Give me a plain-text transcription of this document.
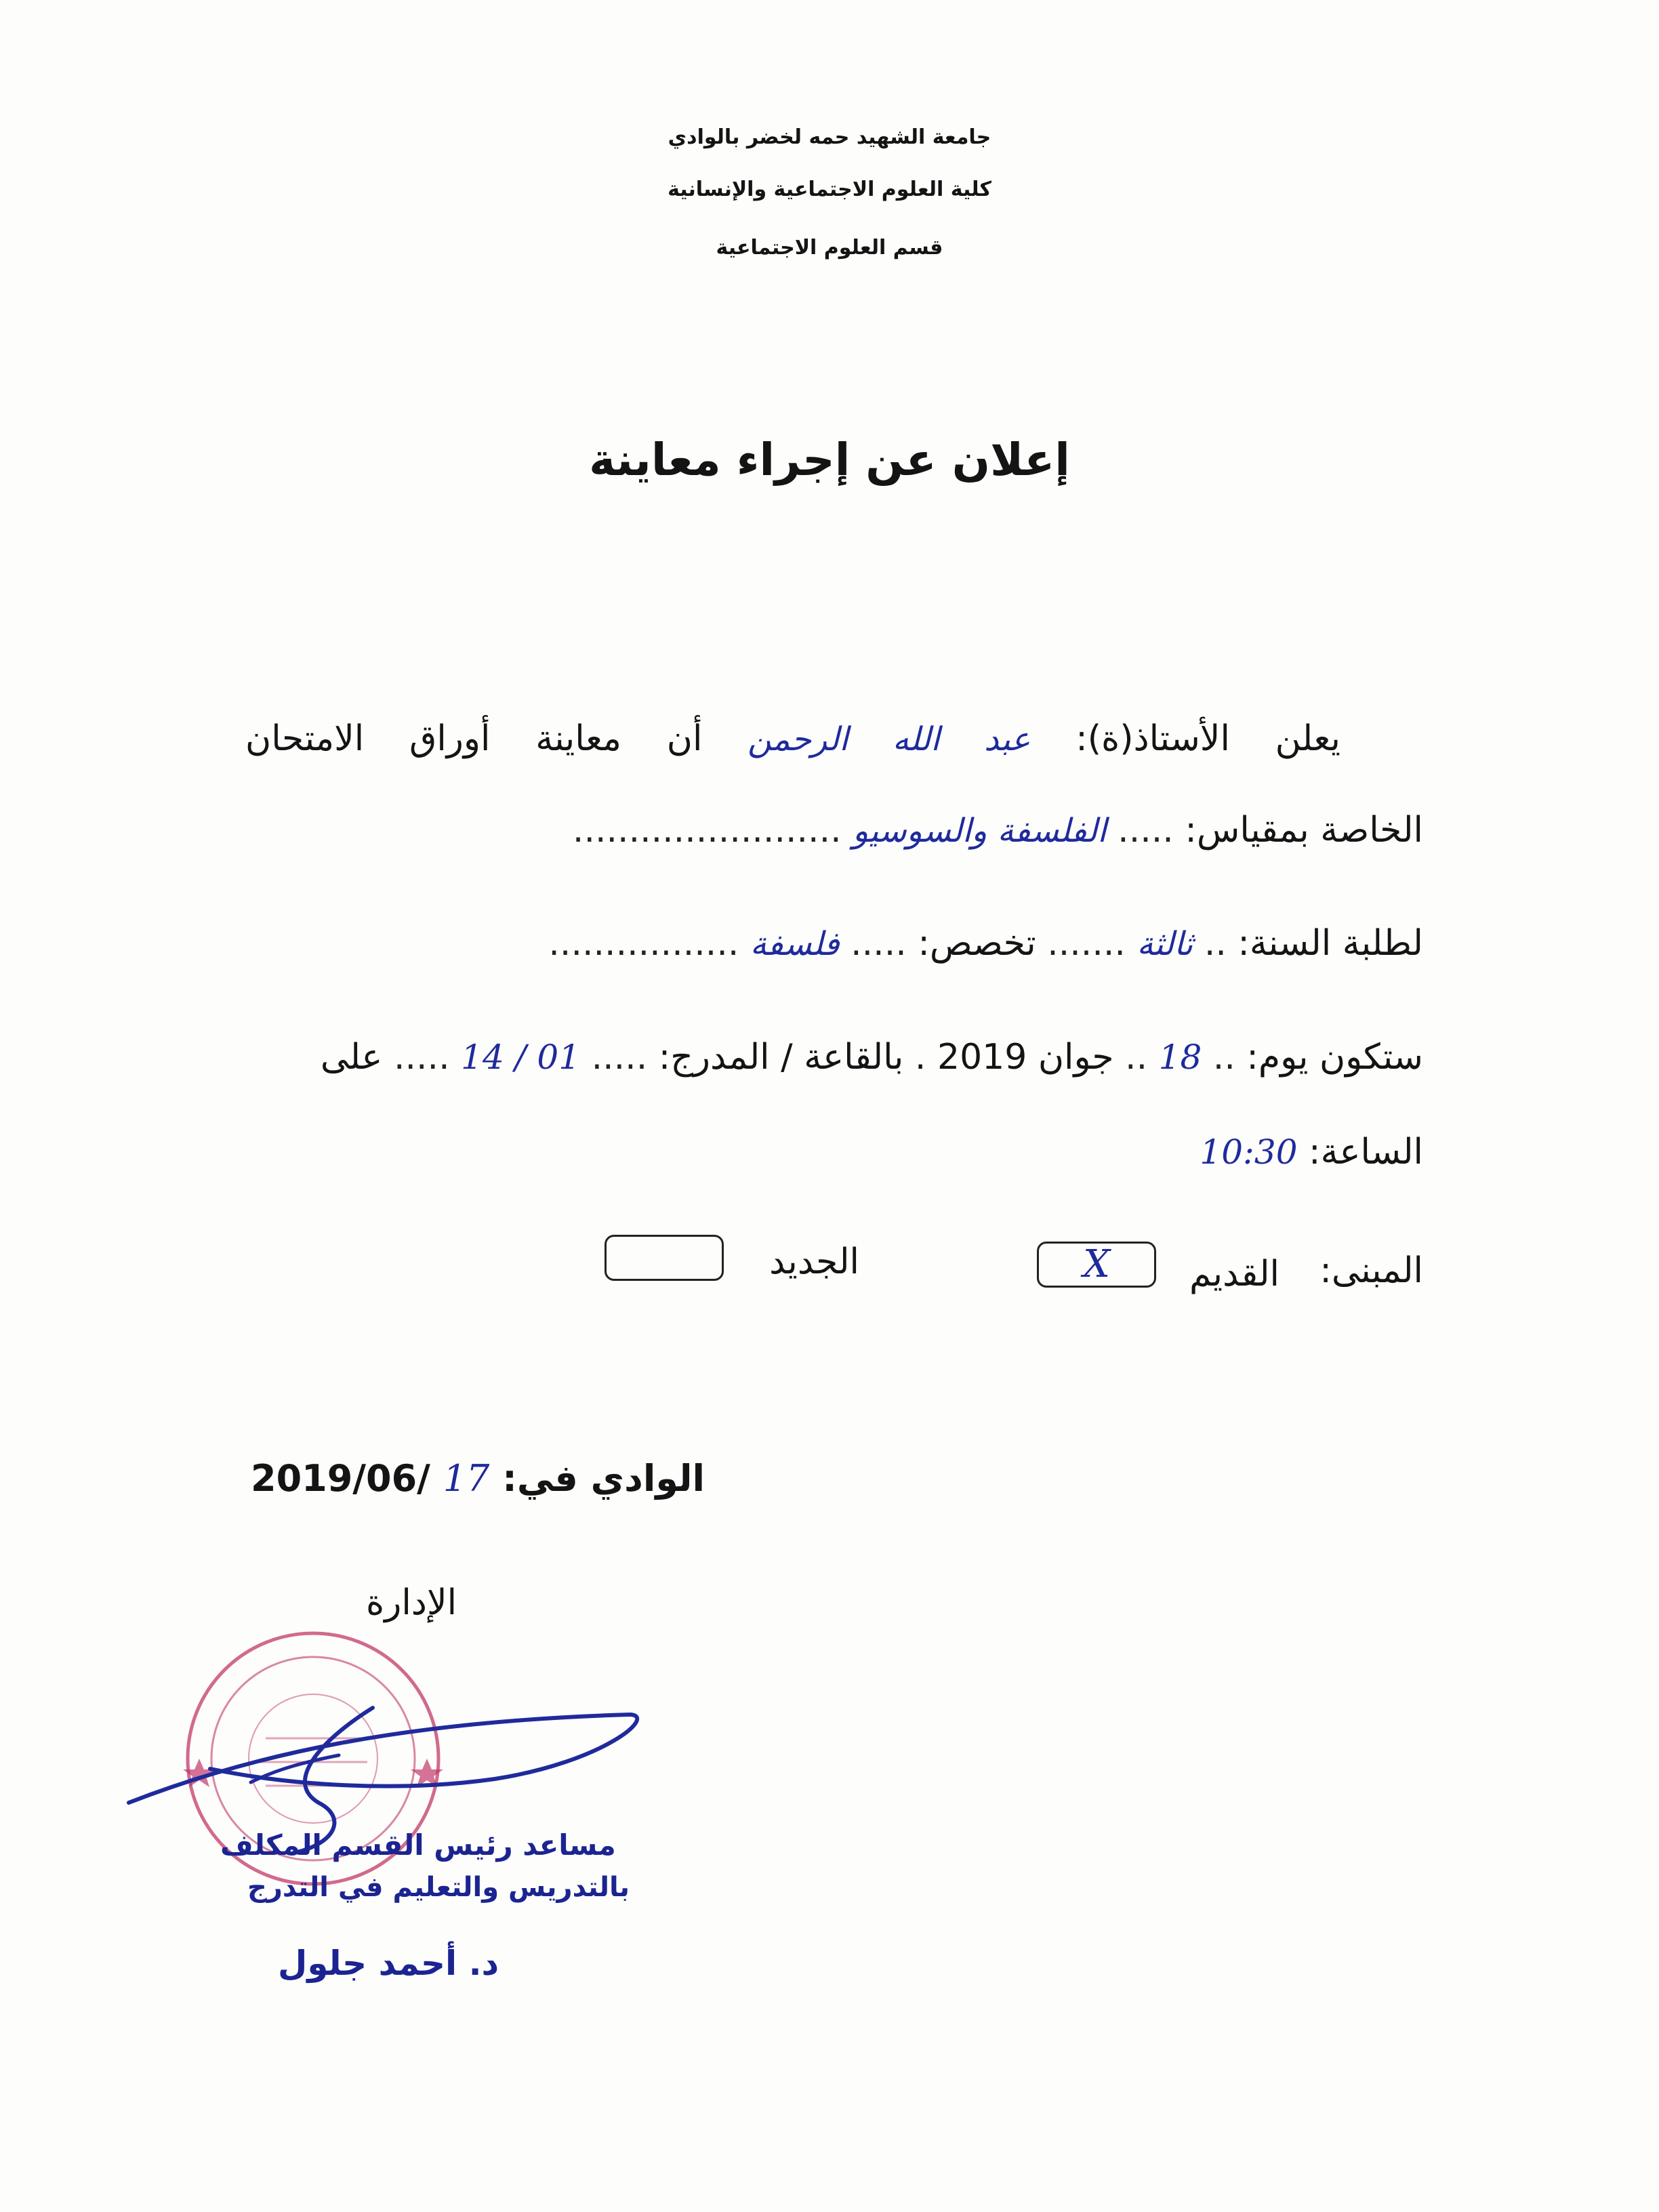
جامعة الشهيد حمه لخضر بالوادي
كلية العلوم الاجتماعية والإنسانية
قسم العلوم الاجتماعية
إعلان عن إجراء معاينة
يعلن الأستاذ(ة): عبد الله الرحمن أن معاينة أوراق الامتحان
الخاصة بمقياس: ..... الفلسفة والسوسيو ........................
لطلبة السنة: .. ثالثة ....... تخصص: ..... فلسفة .................
ستكون يوم: .. 18 .. جوان 2019 . بالقاعة / المدرج: ..... 01 / 14 ..... على
الساعة: 10:30
المبنى:
القديم
X
الجديد
الوادي في: 17 2019/06/
الإدارة
مساعد رئيس القسم المكلف
بالتدريس والتعليم في التدرج
د. أحمد جلول
